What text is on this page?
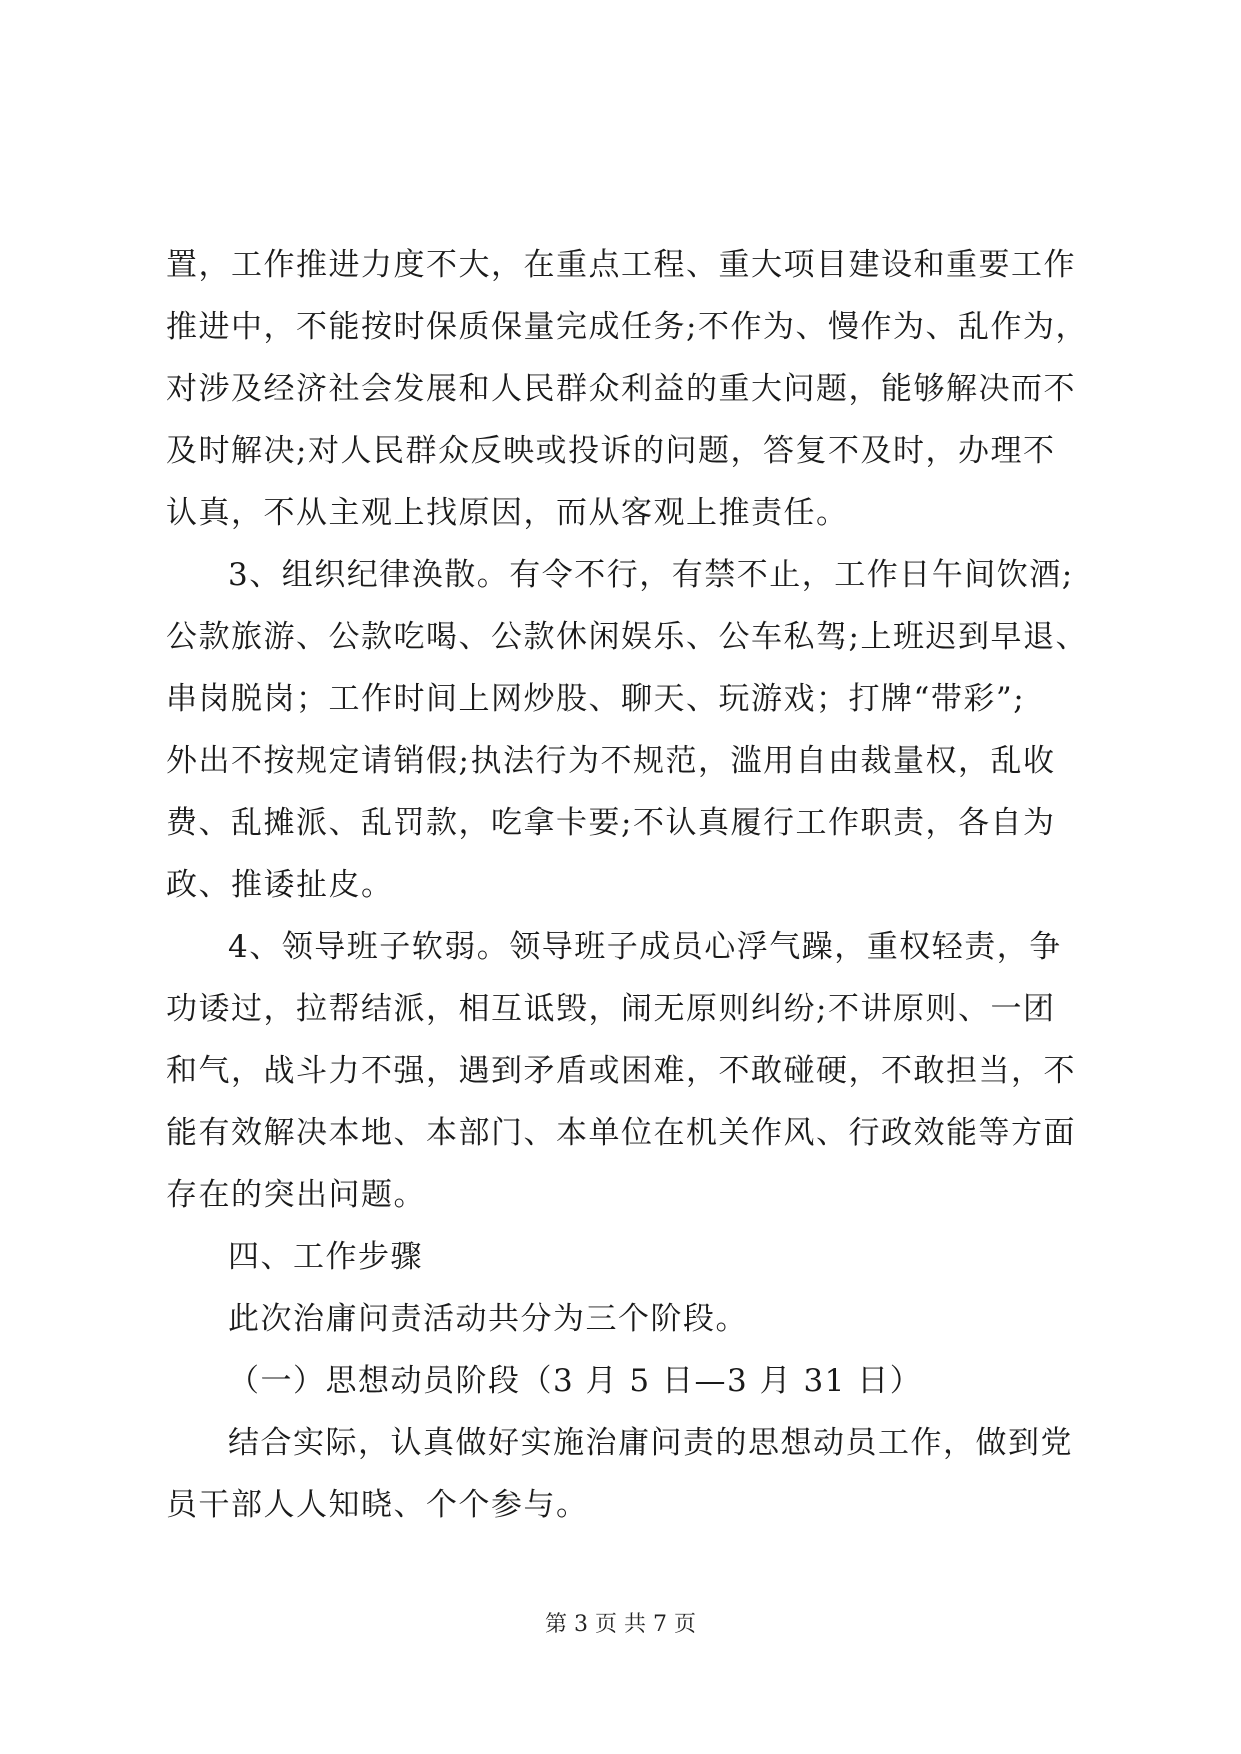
置，工作推进力度不大，在重点工程、重大项目建设和重要工作
推进中，不能按时保质保量完成任务;不作为、慢作为、乱作为，
对涉及经济社会发展和人民群众利益的重大问题，能够解决而不
及时解决;对人民群众反映或投诉的问题，答复不及时，办理不
认真，不从主观上找原因，而从客观上推责任。
3、组织纪律涣散。有令不行，有禁不止，工作日午间饮酒;
公款旅游、公款吃喝、公款休闲娱乐、公车私驾;上班迟到早退、
串岗脱岗；工作时间上网炒股、聊天、玩游戏；打牌“带彩”;
外出不按规定请销假;执法行为不规范，滥用自由裁量权，乱收
费、乱摊派、乱罚款，吃拿卡要;不认真履行工作职责，各自为
政、推诿扯皮。
4、领导班子软弱。领导班子成员心浮气躁，重权轻责，争
功诿过，拉帮结派，相互诋毁，闹无原则纠纷;不讲原则、一团
和气，战斗力不强，遇到矛盾或困难，不敢碰硬，不敢担当，不
能有效解决本地、本部门、本单位在机关作风、行政效能等方面
存在的突出问题。
四、工作步骤
此次治庸问责活动共分为三个阶段。
（一）思想动员阶段（3 月 5 日—3 月 31 日）
结合实际，认真做好实施治庸问责的思想动员工作，做到党
员干部人人知晓、个个参与。
第 3 页 共 7 页
